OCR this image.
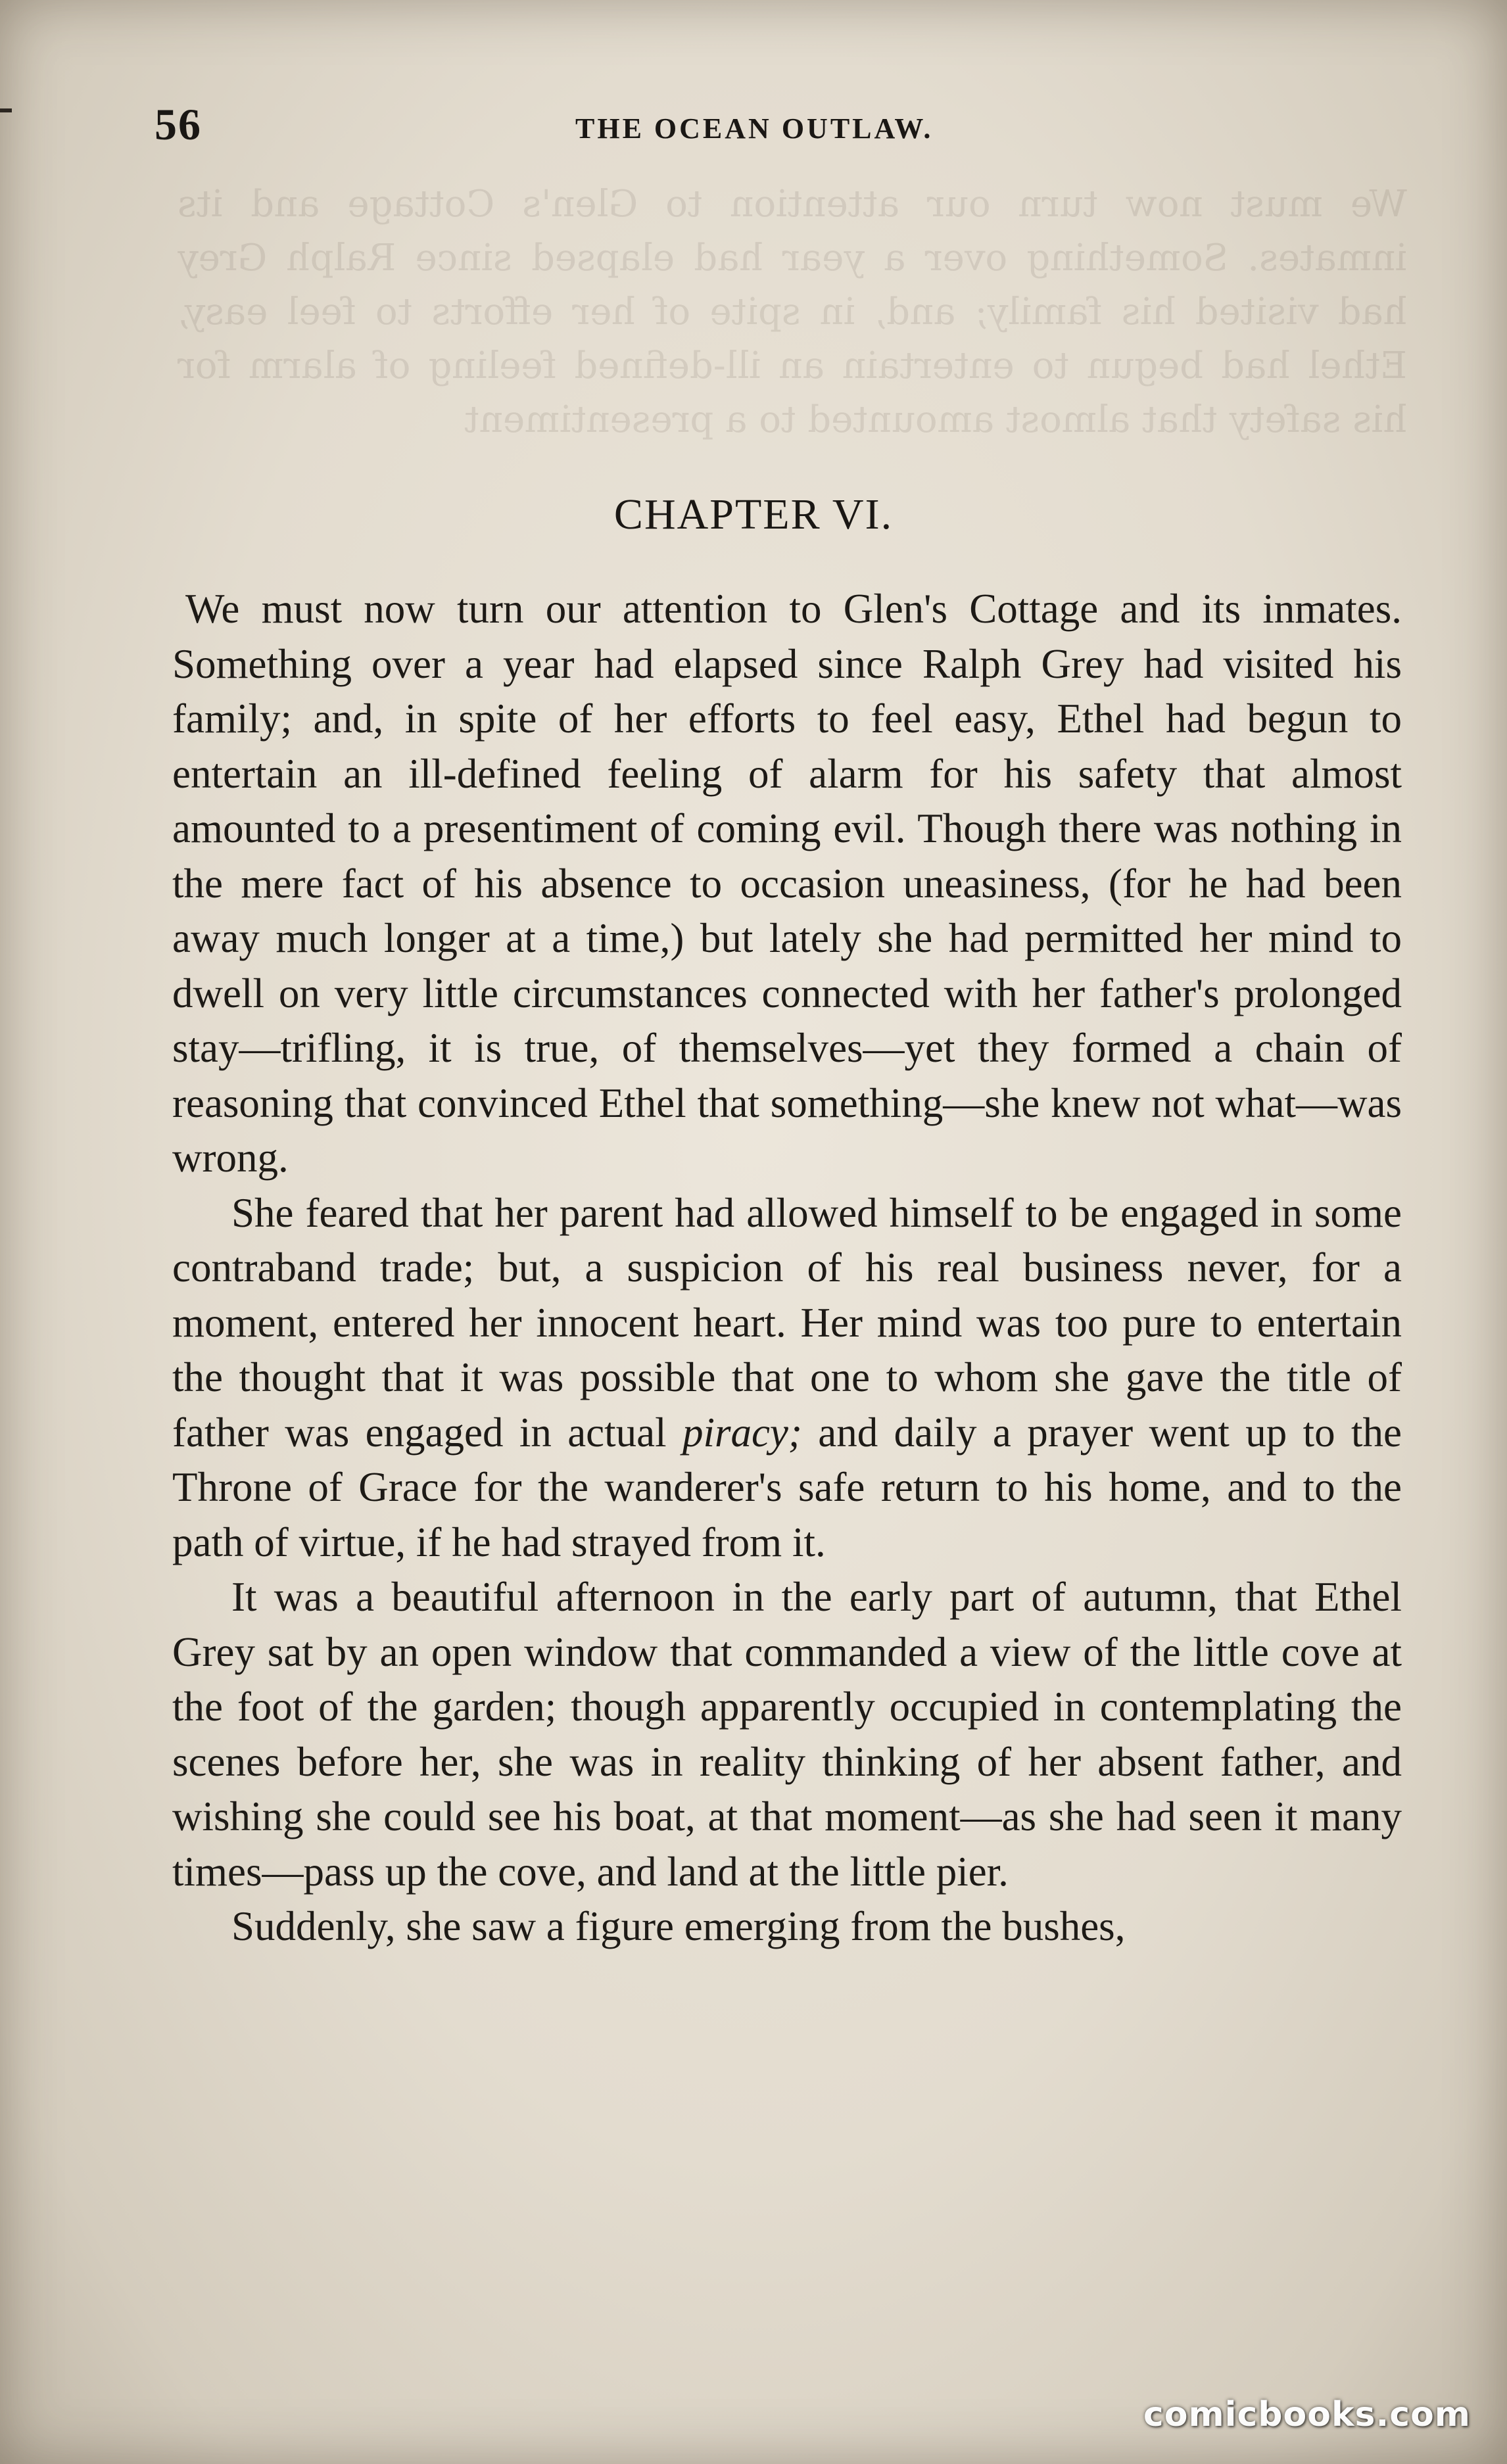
We must now turn our attention to Glen's Cottage and its inmates. Something over a year had elapsed since Ralph Grey had visited his family; and, in spite of her efforts to feel easy, Ethel had begun to entertain an ill-defined feeling of alarm for his safety that almost amounted to a presentiment

56	THE OCEAN OUTLAW.
CHAPTER VI.

We must now turn our attention to Glen's Cottage and its inmates. Something over a year had elapsed since Ralph Grey had visited his family; and, in spite of her efforts to feel easy, Ethel had begun to entertain an ill-defined feeling of alarm for his safety that almost amounted to a presentiment of coming evil. Though there was nothing in the mere fact of his absence to occasion uneasiness, (for he had been away much longer at a time,) but lately she had permitted her mind to dwell on very little circumstances connected with her father's prolonged stay—trifling, it is true, of themselves—yet they formed a chain of reasoning that convinced Ethel that something—she knew not what—was wrong.

She feared that her parent had allowed himself to be engaged in some contraband trade; but, a suspicion of his real business never, for a moment, entered her innocent heart. Her mind was too pure to entertain the thought that it was possible that one to whom she gave the title of father was engaged in actual piracy; and daily a prayer went up to the Throne of Grace for the wanderer's safe return to his home, and to the path of virtue, if he had strayed from it.

It was a beautiful afternoon in the early part of autumn, that Ethel Grey sat by an open window that commanded a view of the little cove at the foot of the garden; though apparently occupied in contemplating the scenes before her, she was in reality thinking of her absent father, and wishing she could see his boat, at that moment—as she had seen it many times—pass up the cove, and land at the little pier.

Suddenly, she saw a figure emerging from the bushes,

comicbooks.com
